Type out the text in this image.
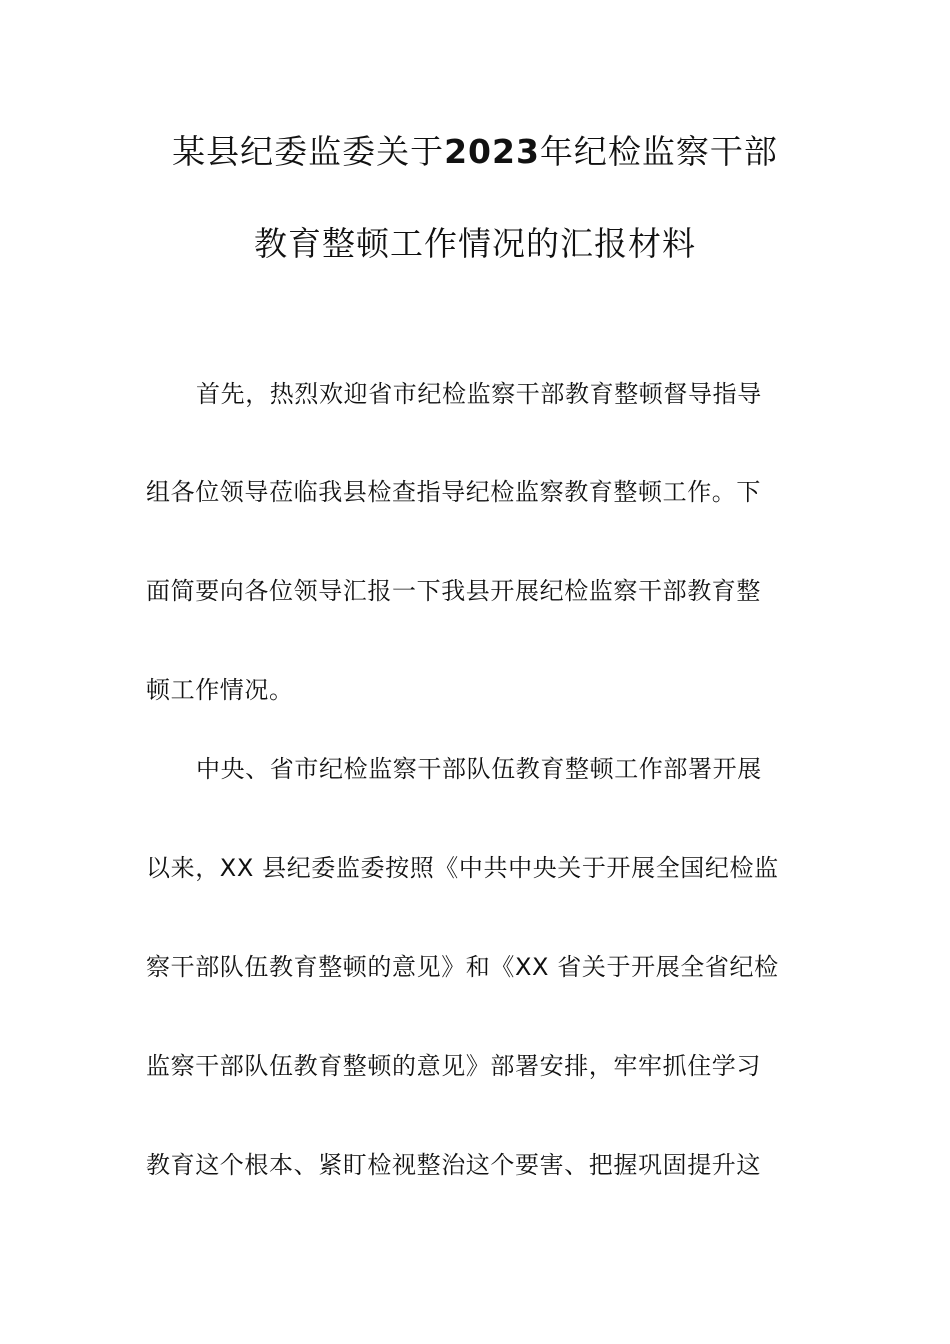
某县纪委监委关于2023年纪检监察干部
教育整顿工作情况的汇报材料
首先，热烈欢迎省市纪检监察干部教育整顿督导指导
组各位领导莅临我县检查指导纪检监察教育整顿工作。下
面简要向各位领导汇报一下我县开展纪检监察干部教育整
顿工作情况。
中央、省市纪检监察干部队伍教育整顿工作部署开展
以来，XX 县纪委监委按照《中共中央关于开展全国纪检监
察干部队伍教育整顿的意见》和《XX 省关于开展全省纪检
监察干部队伍教育整顿的意见》部署安排，牢牢抓住学习
教育这个根本、紧盯检视整治这个要害、把握巩固提升这
